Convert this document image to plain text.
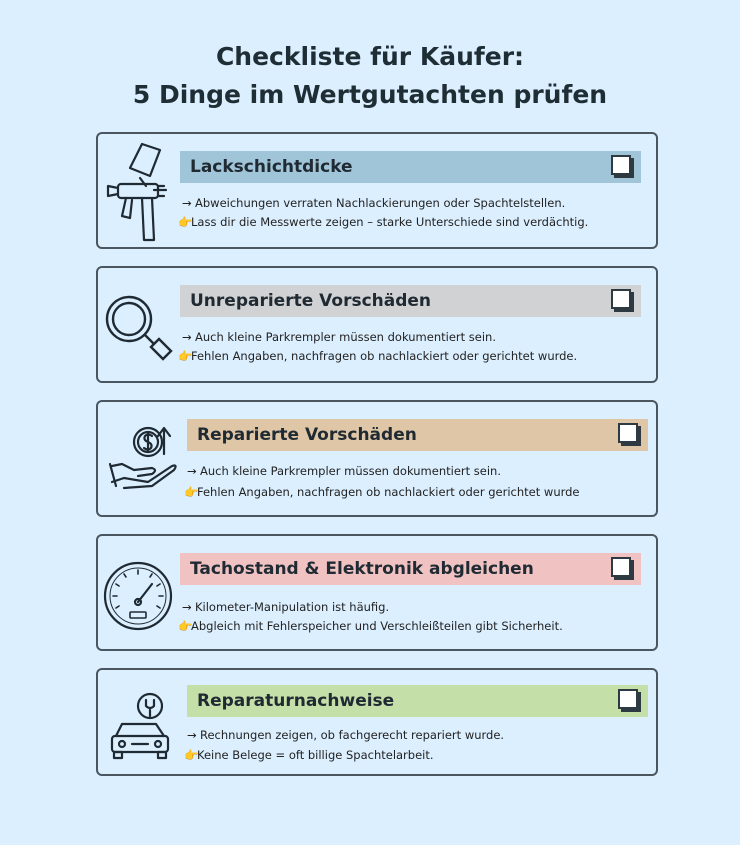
Checkliste für Käufer:
5 Dinge im Wertgutachten prüfen
Lackschichtdicke
→ Abweichungen verraten Nachlackierungen oder Spachtelstellen.
👉Lass dir die Messwerte zeigen – starke Unterschiede sind verdächtig.
Unreparierte Vorschäden
→ Auch kleine Parkrempler müssen dokumentiert sein.
👉Fehlen Angaben, nachfragen ob nachlackiert oder gerichtet wurde.
Reparierte Vorschäden
→ Auch kleine Parkrempler müssen dokumentiert sein.
👉Fehlen Angaben, nachfragen ob nachlackiert oder gerichtet wurde
Tachostand & Elektronik abgleichen
→ Kilometer-Manipulation ist häufig.
👉Abgleich mit Fehlerspeicher und Verschleißteilen gibt Sicherheit.
Reparaturnachweise
→ Rechnungen zeigen, ob fachgerecht repariert wurde.
👉Keine Belege = oft billige Spachtelarbeit.
